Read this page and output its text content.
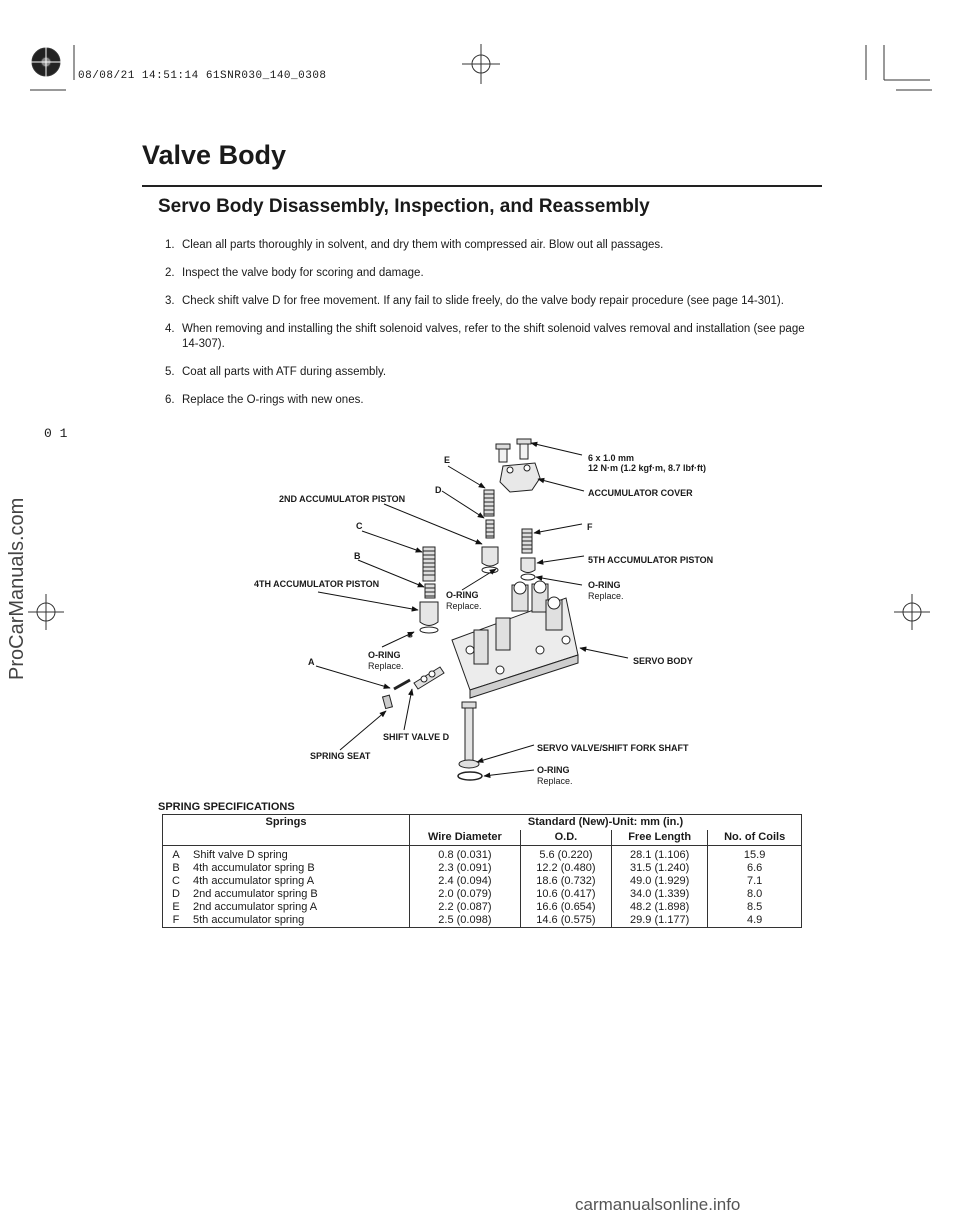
08/08/21 14:51:14 61SNR030_140_0308
0 1
Valve Body
Servo Body Disassembly, Inspection, and Reassembly
1. Clean all parts thoroughly in solvent, and dry them with compressed air. Blow out all passages.
2. Inspect the valve body for scoring and damage.
3. Check shift valve D for free movement. If any fail to slide freely, do the valve body repair procedure (see page 14-301).
4. When removing and installing the shift solenoid valves, refer to the shift solenoid valves removal and installation (see page 14-307).
5. Coat all parts with ATF during assembly.
6. Replace the O-rings with new ones.
6 x 1.0 mm
12 N·m (1.2 kgf·m, 8.7 lbf·ft)
E
D	ACCUMULATOR COVER
2ND ACCUMULATOR PISTON
C	F
B	5TH ACCUMULATOR PISTON
4TH ACCUMULATOR PISTON	O-RING
Replace.
O-RING
Replace.
O-RING
Replace.	SERVO BODY
A
SHIFT VALVE D
SERVO VALVE/SHIFT FORK SHAFT
SPRING SEAT
O-RING
Replace.
SPRING SPECIFICATIONS
Springs		Standard (New)-Unit: mm (in.)			
		Wire Diameter	O.D.	Free Length	No. of Coils
A	Shift valve D spring	0.8 (0.031)	5.6 (0.220)	28.1 (1.106)	15.9
B	4th accumulator spring B	2.3 (0.091)	12.2 (0.480)	31.5 (1.240)	6.6
C	4th accumulator spring A	2.4 (0.094)	18.6 (0.732)	49.0 (1.929)	7.1
D	2nd accumulator spring B	2.0 (0.079)	10.6 (0.417)	34.0 (1.339)	8.0
E	2nd accumulator spring A	2.2 (0.087)	16.6 (0.654)	48.2 (1.898)	8.5
F	5th accumulator spring	2.5 (0.098)	14.6 (0.575)	29.9 (1.177)	4.9
ProCarManuals.com
carmanualsonline.info
